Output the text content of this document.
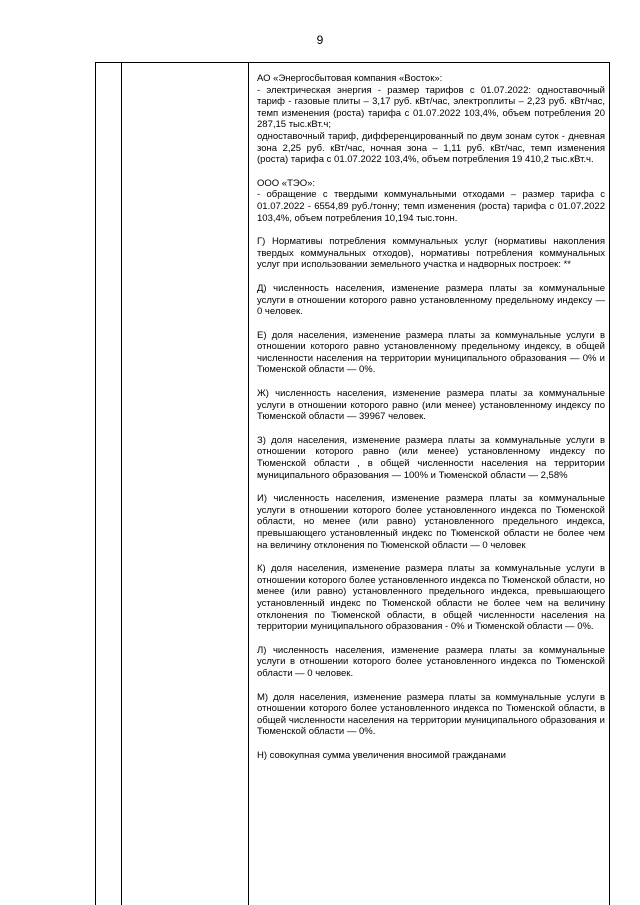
9

АО «Энергосбытовая компания «Восток»:
- электрическая энергия - размер тарифов с 01.07.2022: одноставочный тариф - газовые плиты – 3,17 руб. кВт/час, электроплиты – 2,23 руб. кВт/час, темп изменения (роста) тарифа с 01.07.2022 103,4%, объем потребления 20 287,15 тыс.кВт.ч;
одноставочный тариф, дифференцированный по двум зонам суток - дневная зона 2,25 руб. кВт/час, ночная зона – 1,11 руб. кВт/час, темп изменения (роста) тарифа с 01.07.2022 103,4%, объем потребления 19 410,2 тыс.кВт.ч.

ООО «ТЭО»:
- обращение с твердыми коммунальными отходами – размер тарифа с 01.07.2022 - 6554,89 руб./тонну; темп изменения (роста) тарифа с 01.07.2022 103,4%, объем потребления 10,194 тыс.тонн.

Г) Нормативы потребления коммунальных услуг (нормативы накопления твердых коммунальных отходов), нормативы потребления коммунальных услуг при использовании земельного участка и надворных построек: **

Д) численность населения, изменение размера платы за коммунальные услуги в отношении которого равно установленному предельному индексу — 0 человек.

Е) доля населения, изменение размера платы за коммунальные услуги в отношении которого равно установленному предельному индексу, в общей численности населения на территории муниципального образования — 0% и Тюменской области — 0%.

Ж) численность населения, изменение размера платы за коммунальные услуги в отношении которого равно (или менее) установленному индексу по Тюменской области — 39967 человек.

З) доля населения, изменение размера платы за коммунальные услуги в отношении которого равно (или менее) установленному индексу по Тюменской области , в общей численности населения на территории муниципального образования — 100% и Тюменской области — 2,58%

И) численность населения, изменение размера платы за коммунальные услуги в отношении которого более установленного индекса по Тюменской области, но менее (или равно) установленного предельного индекса, превышающего установленный индекс по Тюменской области не более чем на величину отклонения по Тюменской области — 0 человек

К) доля населения, изменение размера платы за коммунальные услуги в отношении которого более установленного индекса по Тюменской области, но менее (или равно) установленного предельного индекса, превышающего установленный индекс по Тюменской области не более чем на величину отклонения по Тюменской области, в общей численности населения на территории муниципального образования - 0% и Тюменской области — 0%.

Л) численность населения, изменение размера платы за коммунальные услуги в отношении которого более установленного индекса по Тюменской области — 0 человек.

М) доля населения, изменение размера платы за коммунальные услуги в отношении которого более установленного индекса по Тюменской области, в общей численности населения на территории муниципального образования и Тюменской области — 0%.

Н) совокупная сумма увеличения вносимой гражданами
